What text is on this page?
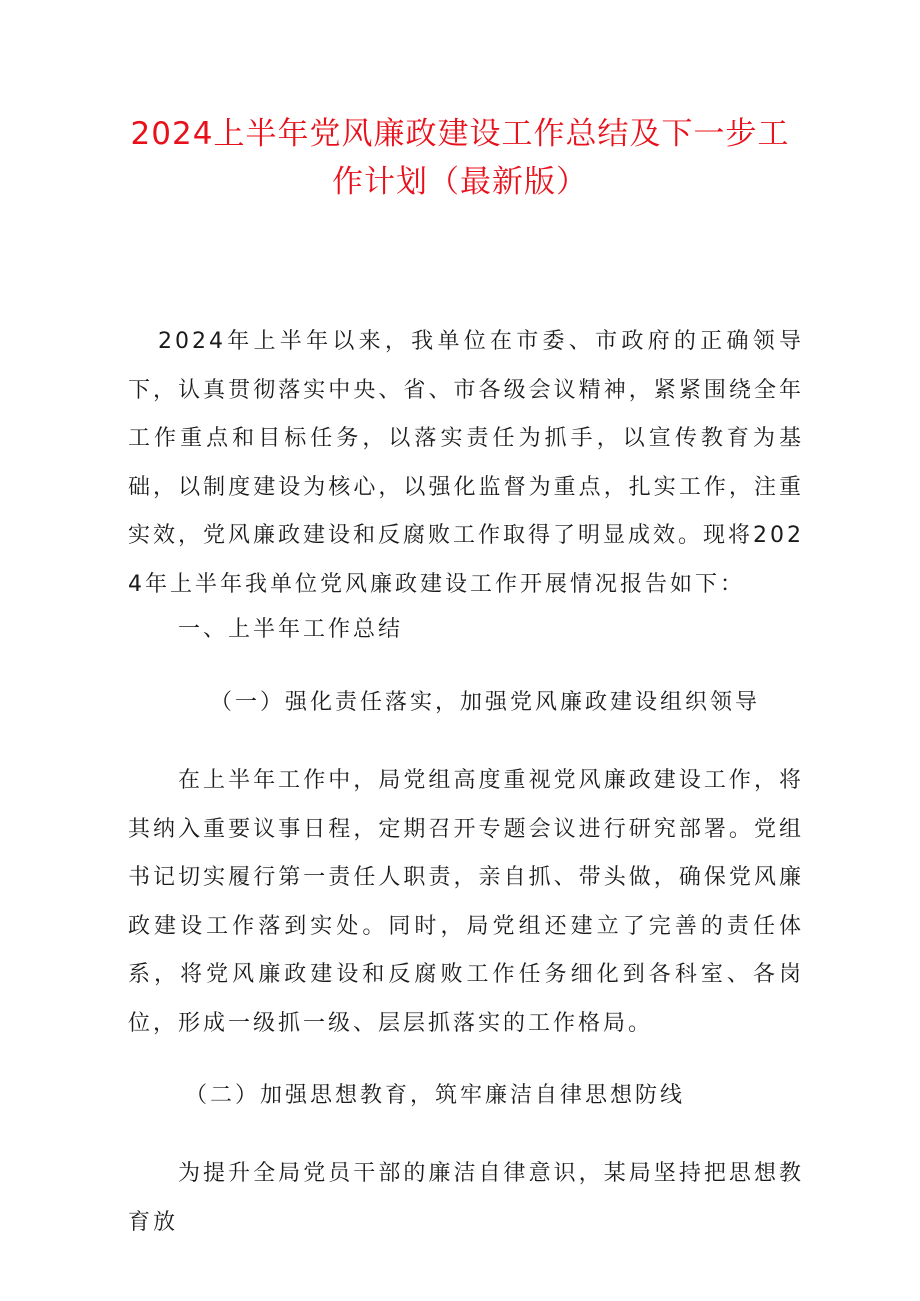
2024上半年党风廉政建设工作总结及下一步工作计划（最新版）

2024年上半年以来，我单位在市委、市政府的正确领导下，认真贯彻落实中央、省、市各级会议精神，紧紧围绕全年工作重点和目标任务，以落实责任为抓手，以宣传教育为基础，以制度建设为核心，以强化监督为重点，扎实工作，注重实效，党风廉政建设和反腐败工作取得了明显成效。现将2024年上半年我单位党风廉政建设工作开展情况报告如下：

一、上半年工作总结

（一）强化责任落实，加强党风廉政建设组织领导

在上半年工作中，局党组高度重视党风廉政建设工作，将其纳入重要议事日程，定期召开专题会议进行研究部署。党组书记切实履行第一责任人职责，亲自抓、带头做，确保党风廉政建设工作落到实处。同时，局党组还建立了完善的责任体系，将党风廉政建设和反腐败工作任务细化到各科室、各岗位，形成一级抓一级、层层抓落实的工作格局。

（二）加强思想教育，筑牢廉洁自律思想防线

为提升全局党员干部的廉洁自律意识，某局坚持把思想教育放
